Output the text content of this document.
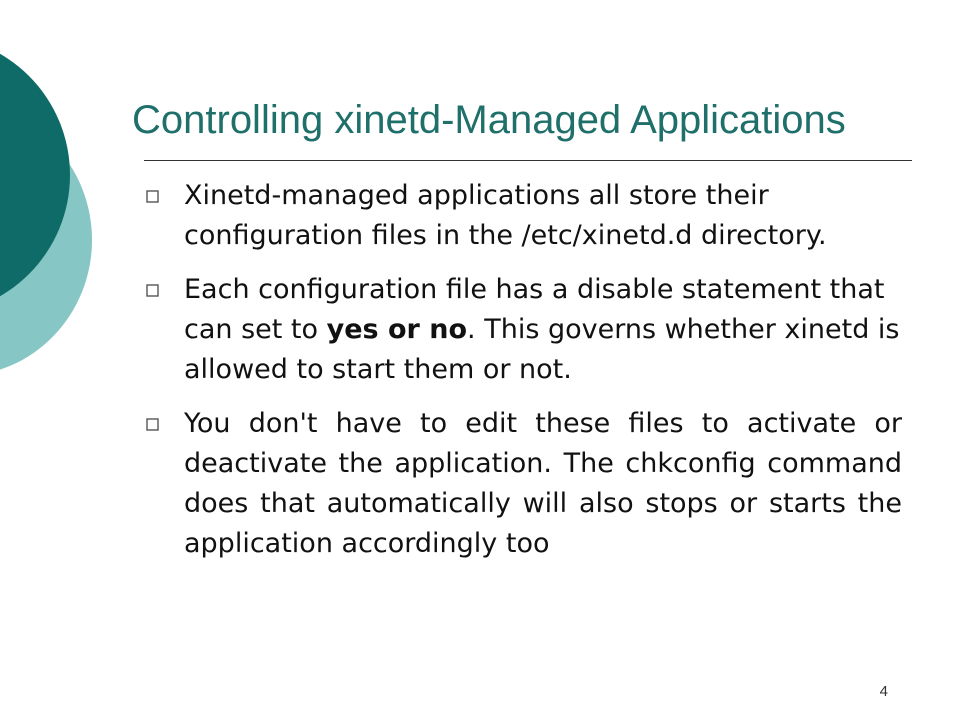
Controlling xinetd-Managed Applications
Xinetd-managed applications all store their configuration files in the /etc/xinetd.d directory.
Each configuration file has a disable statement that can set to yes or no. This governs whether xinetd is allowed to start them or not.
You don't have to edit these files to activate or deactivate the application. The chkconfig command does that automatically will also stops or starts the application accordingly too
4
